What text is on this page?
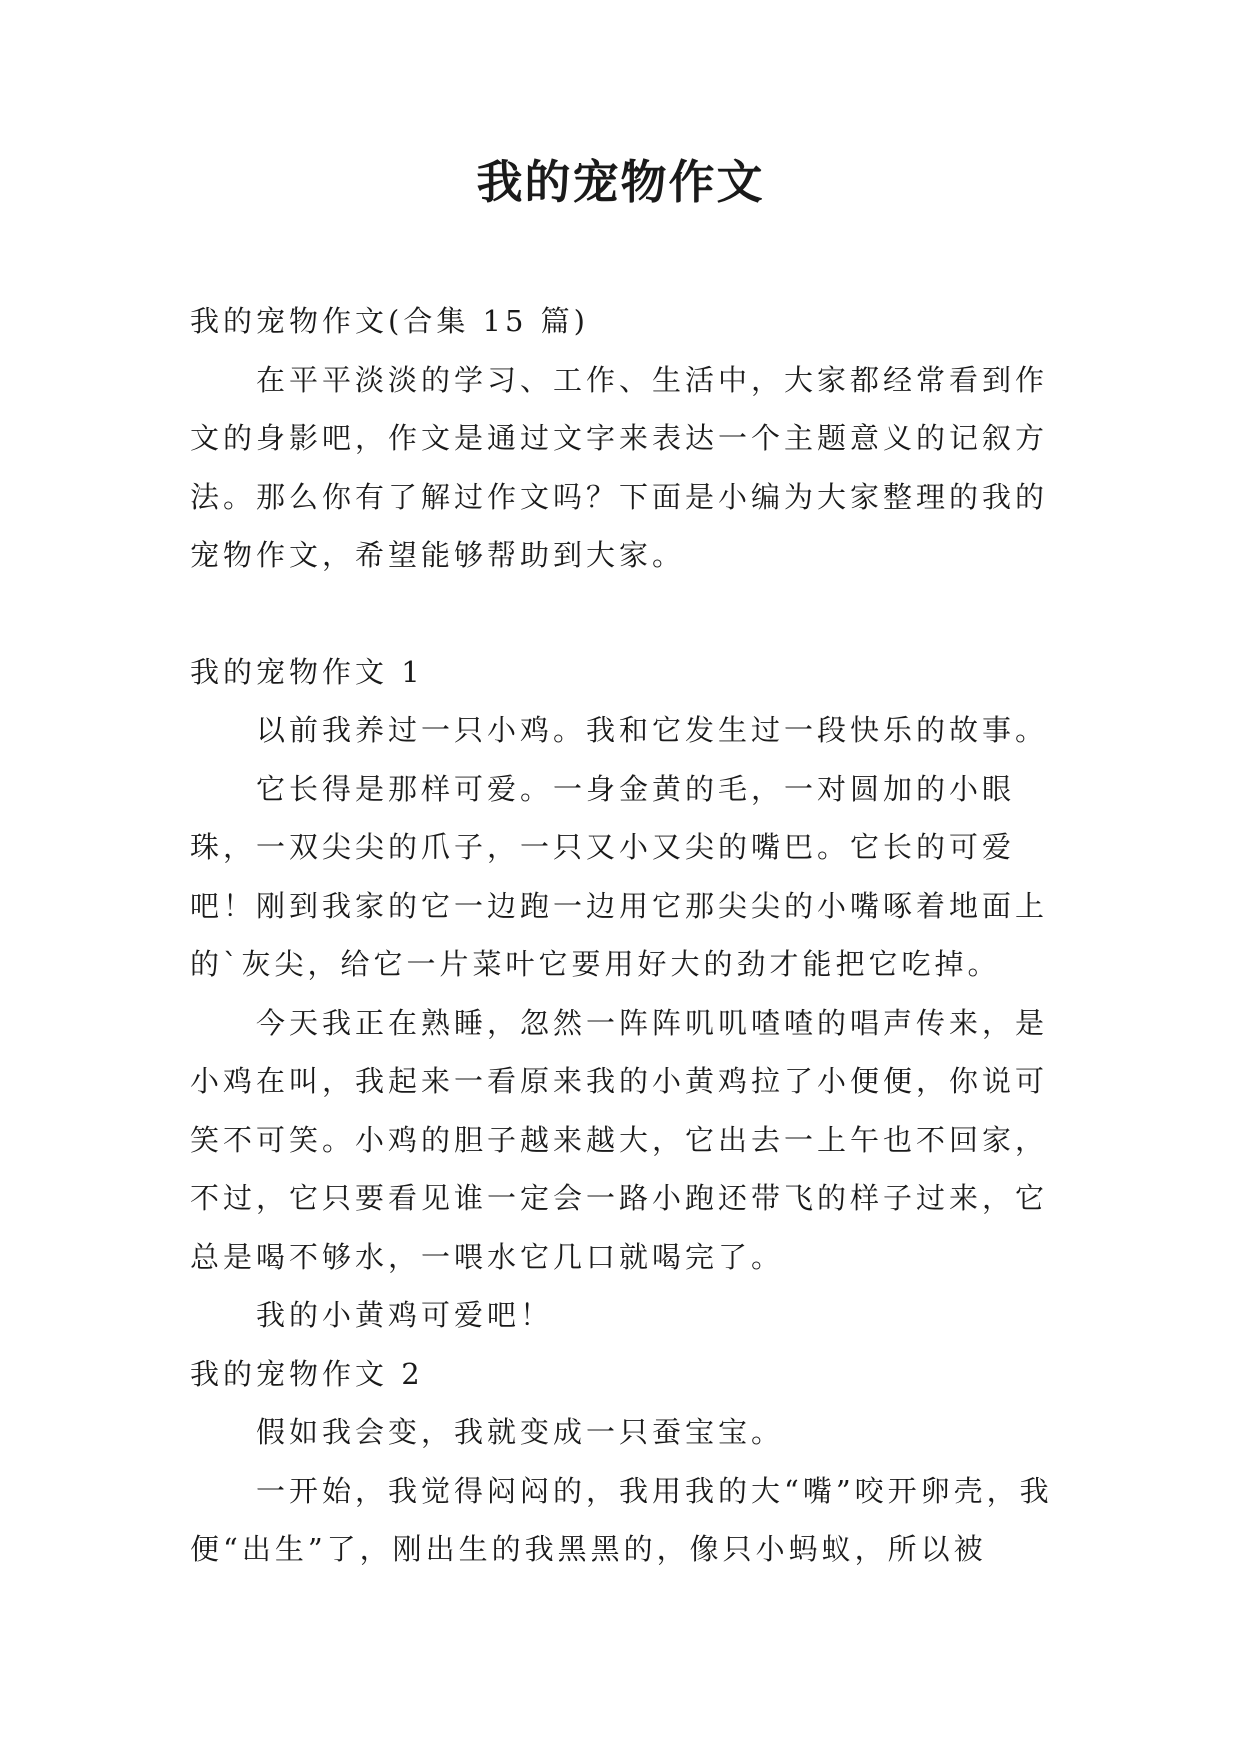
我的宠物作文

我的宠物作文(合集 15 篇)

在平平淡淡的学习、工作、生活中，大家都经常看到作文的身影吧，作文是通过文字来表达一个主题意义的记叙方法。那么你有了解过作文吗？下面是小编为大家整理的我的宠物作文，希望能够帮助到大家。

我的宠物作文 1

以前我养过一只小鸡。我和它发生过一段快乐的故事。

它长得是那样可爱。一身金黄的毛，一对圆加的小眼珠，一双尖尖的爪子，一只又小又尖的嘴巴。它长的可爱吧！刚到我家的它一边跑一边用它那尖尖的小嘴啄着地面上的`灰尖，给它一片菜叶它要用好大的劲才能把它吃掉。

今天我正在熟睡，忽然一阵阵叽叽喳喳的唱声传来，是小鸡在叫，我起来一看原来我的小黄鸡拉了小便便，你说可笑不可笑。小鸡的胆子越来越大，它出去一上午也不回家，不过，它只要看见谁一定会一路小跑还带飞的样子过来，它总是喝不够水，一喂水它几口就喝完了。

我的小黄鸡可爱吧！

我的宠物作文 2

假如我会变，我就变成一只蚕宝宝。

一开始，我觉得闷闷的，我用我的大“嘴”咬开卵壳，我便“出生”了，刚出生的我黑黑的，像只小蚂蚁，所以被
